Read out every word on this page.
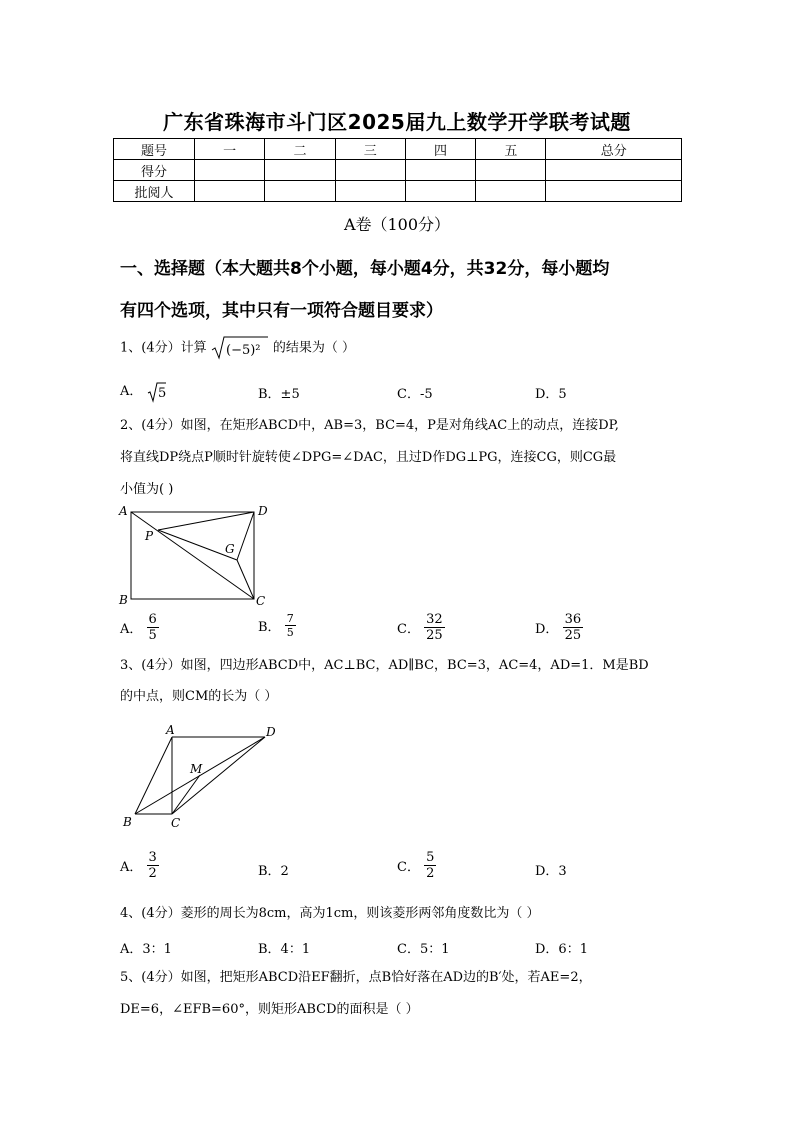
广东省珠海市斗门区2025届九上数学开学联考试题
题号	一	二	三	四	五	总分
得分						
批阅人						
A卷（100分）
一、选择题（本大题共8个小题，每小题4分，共32分，每小题均
有四个选项，其中只有一项符合题目要求）
1、(4分）计算 (−5)² 的结果为（ ）
A． 5	B．±5	C．-5	D．5
2、(4分）如图，在矩形ABCD中，AB=3，BC=4，P是对角线AC上的动点，连接DP,
将直线DP绕点P顺时针旋转使∠DPG=∠DAC，且过D作DG⊥PG，连接CG，则CG最
小值为( )
A	D
B	C
P
G
A． $\frac{6}{5}$	B． $\frac{7}{5}$	C． $\frac{32}{25}$	D． $\frac{36}{25}$
3、(4分）如图，四边形ABCD中，AC⊥BC，AD∥BC，BC=3，AC=4，AD=1．M是BD
的中点，则CM的长为（ ）
A	D
B	C
M
A． $\frac{3}{2}$	B．2	C． $\frac{5}{2}$	D．3
4、(4分）菱形的周长为8cm，高为1cm，则该菱形两邻角度数比为（ ）
A．3：1	B．4：1	C．5：1	D．6：1
5、(4分）如图，把矩形ABCD沿EF翻折，点B恰好落在AD边的B′处，若AE=2，
DE=6，∠EFB=60°，则矩形ABCD的面积是（ ）
